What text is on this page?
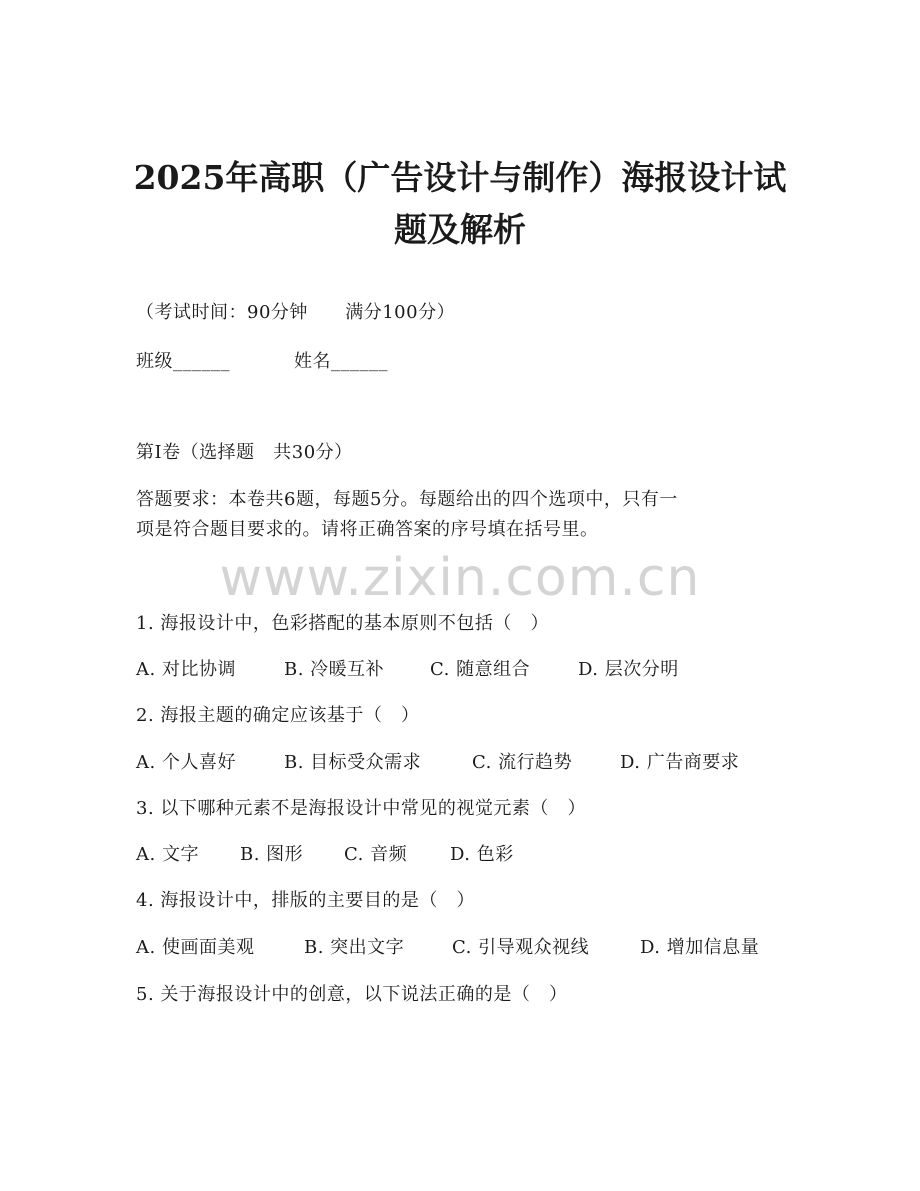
2025年高职（广告设计与制作）海报设计试
题及解析
（考试时间：90分钟      满分100分）
班级______	姓名______
第I卷（选择题   共30分）
答题要求：本卷共6题，每题5分。每题给出的四个选项中，只有一
项是符合题目要求的。请将正确答案的序号填在括号里。
www.zixin.com.cn
1. 海报设计中，色彩搭配的基本原则不包括（   ）
A. 对比协调	B. 冷暖互补	C. 随意组合	D. 层次分明
2. 海报主题的确定应该基于（   ）
A. 个人喜好	B. 目标受众需求	C. 流行趋势	D. 广告商要求
3. 以下哪种元素不是海报设计中常见的视觉元素（   ）
A. 文字	B. 图形	C. 音频	D. 色彩
4. 海报设计中，排版的主要目的是（   ）
A. 使画面美观	B. 突出文字	C. 引导观众视线	D. 增加信息量
5. 关于海报设计中的创意，以下说法正确的是（   ）
